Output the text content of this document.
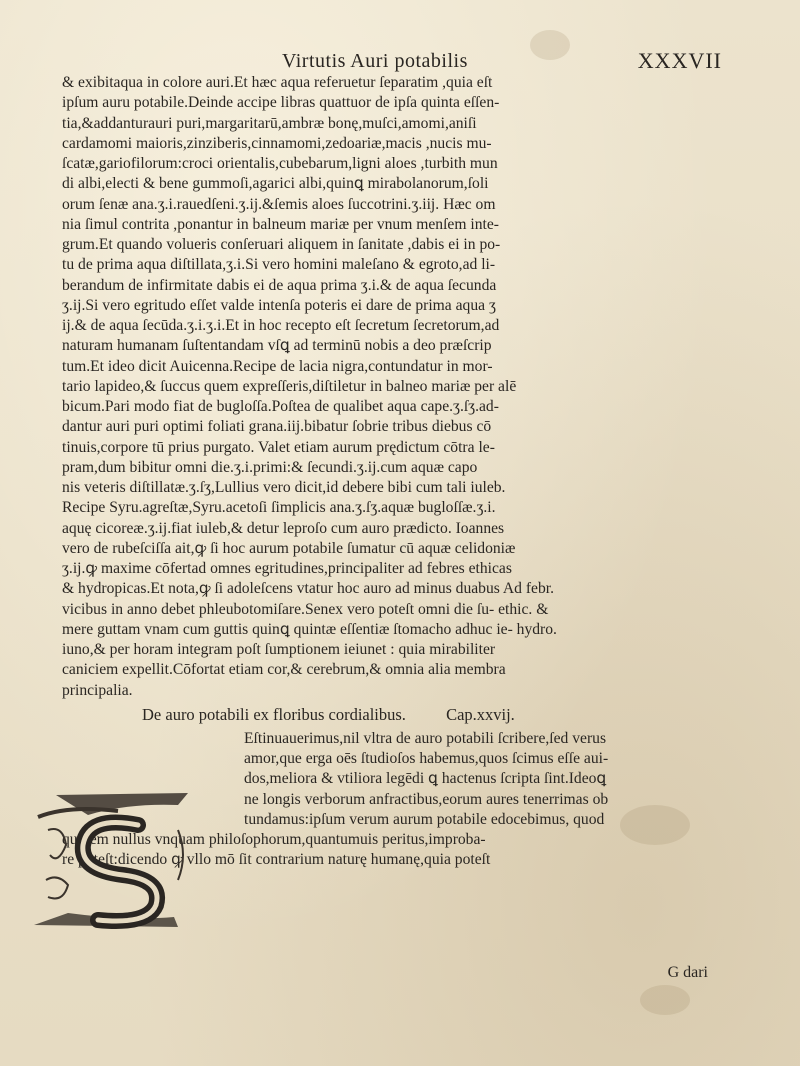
Virtutis Auri potabilis	XXXVII
& exibitaqua in colore auri.Et hæc aqua referuetur ſeparatim ,quia eſt
ipſum auru potabile.Deinde accipe libras quattuor de ipſa quinta eſſen-
tia,&addanturauri puri,margaritarū,ambræ bonę,muſci,amomi,aniſi
cardamomi maioris,zinziberis,cinnamomi,zedoariæ,macis ,nucis mu-
ſcatæ,gariofilorum:croci orientalis,cubebarum,ligni aloes ,turbith mun
di albi,electi & bene gummoſi,agarici albi,quinꝗ mirabolanorum,ſoli
orum ſenæ ana.ʒ.i.rauedſeni.ʒ.ij.&ſemis aloes ſuccotrini.ʒ.iij. Hæc om
nia ſimul contrita ,ponantur in balneum mariæ per vnum menſem inte-
grum.Et quando volueris conſeruari aliquem in ſanitate ,dabis ei in po-
tu de prima aqua diſtillata,ʒ.i.Si vero homini maleſano & egroto,ad li-
berandum de infirmitate dabis ei de aqua prima ʒ.i.& de aqua ſecunda
ʒ.ij.Si vero egritudo eſſet valde intenſa poteris ei dare de prima aqua ʒ
ij.& de aqua ſecūda.ʒ.i.ʒ.i.Et in hoc recepto eſt ſecretum ſecretorum,ad
naturam humanam ſuſtentandam vſꝗ ad terminū nobis a deo præſcrip
tum.Et ideo dicit Auicenna.Recipe de lacia nigra,contundatur in mor-
tario lapideo,& ſuccus quem expreſſeris,diſtiletur in balneo mariæ per alē
bicum.Pari modo fiat de bugloſſa.Poſtea de qualibet aqua cape.ʒ.ſʒ.ad-
dantur auri puri optimi foliati grana.iij.bibatur ſobrie tribus diebus cō
tinuis,corpore tū prius purgato. Valet etiam aurum prędictum cōtra le-
pram,dum bibitur omni die.ʒ.i.primi:& ſecundi.ʒ.ij.cum aquæ capo
nis veteris diſtillatæ.ʒ.ſʒ,Lullius vero dicit,id debere bibi cum tali iuleb.
Recipe Syru.agreſtæ,Syru.acetoſi ſimplicis ana.ʒ.ſʒ.aquæ bugloſſæ.ʒ.i.
aquę cicoreæ.ʒ.ij.fiat iuleb,& detur leproſo cum auro prædicto. Ioannes
vero de rubeſciſſa ait,ꝙ ſi hoc aurum potabile ſumatur cū aquæ celidoniæ
ʒ.ij.ꝙ maxime cōfertad omnes egritudines,principaliter ad febres ethicas
& hydropicas.Et nota,ꝙ ſi adoleſcens vtatur hoc auro ad minus duabus Ad febr.
vicibus in anno debet phleubotomiſare.Senex vero poteſt omni die ſu- ethic. &
mere guttam vnam cum guttis quinꝗ quintæ eſſentiæ ſtomacho adhuc ie- hydro.
iuno,& per horam integram poſt ſumptionem ieiunet : quia mirabiliter
caniciem expellit.Cōfortat etiam cor,& cerebrum,& omnia alia membra
principalia.
De auro potabili ex floribus cordialibus. Cap.xxvij.
Eſtinuauerimus,nil vltra de auro potabili ſcribere,ſed verus
amor,que erga oēs ſtudioſos habemus,quos ſcimus eſſe aui-
dos,meliora & vtiliora legēdi ꝗ hactenus ſcripta ſint.Ideoꝗ
ne longis verborum anfractibus,eorum aures tenerrimas ob
tundamus:ipſum verum aurum potabile edocebimus, quod
quidem nullus vnquam philoſophorum,quantumuis peritus,improba-
re poteſt:dicendo ꝙ vllo mō ſit contrarium naturę humanę,quia poteſt
G dari
